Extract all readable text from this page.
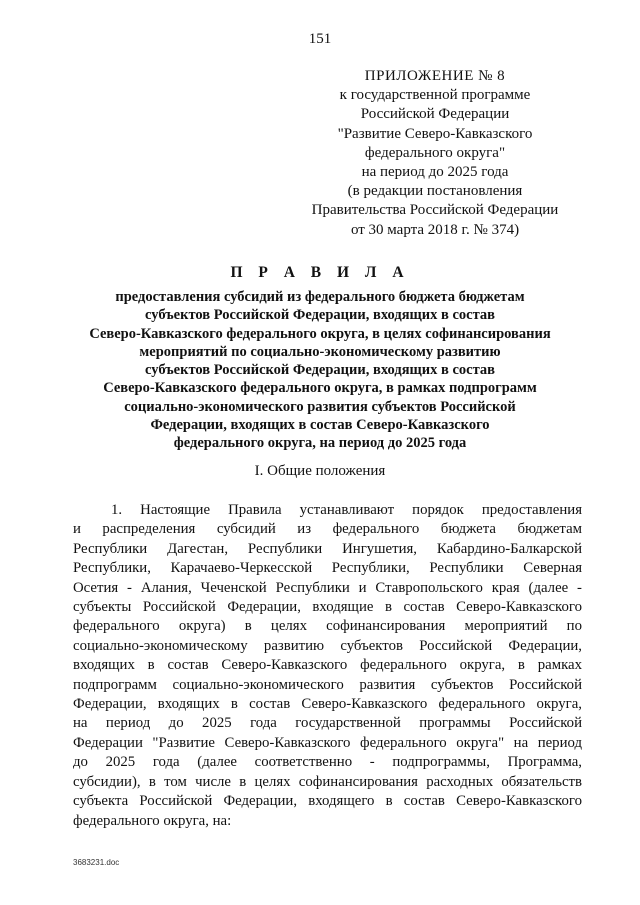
151
ПРИЛОЖЕНИЕ № 8
к государственной программе
Российской Федерации
"Развитие Северо-Кавказского
федерального округа"
на период до 2025 года
(в редакции постановления
Правительства Российской Федерации
от 30 марта 2018 г. № 374)
П Р А В И Л А
предоставления субсидий из федерального бюджета бюджетам
субъектов Российской Федерации, входящих в состав
Северо-Кавказского федерального округа, в целях софинансирования
мероприятий по социально-экономическому развитию
субъектов Российской Федерации, входящих в состав
Северо-Кавказского федерального округа, в рамках подпрограмм
социально-экономического развития субъектов Российской
Федерации, входящих в состав Северо-Кавказского
федерального округа, на период до 2025 года
I. Общие положения
1. Настоящие Правила устанавливают порядок предоставления
и распределения субсидий из федерального бюджета бюджетам
Республики Дагестан, Республики Ингушетия, Кабардино-Балкарской
Республики, Карачаево-Черкесской Республики, Республики Северная
Осетия - Алания, Чеченской Республики и Ставропольского края (далее -
субъекты Российской Федерации, входящие в состав Северо-Кавказского
федерального округа) в целях софинансирования мероприятий по
социально-экономическому развитию субъектов Российской Федерации,
входящих в состав Северо-Кавказского федерального округа, в рамках
подпрограмм социально-экономического развития субъектов Российской
Федерации, входящих в состав Северо-Кавказского федерального округа,
на период до 2025 года государственной программы Российской
Федерации "Развитие Северо-Кавказского федерального округа" на период
до 2025 года (далее соответственно - подпрограммы, Программа,
субсидии), в том числе в целях софинансирования расходных обязательств
субъекта Российской Федерации, входящего в состав Северо-Кавказского
федерального округа, на:
3683231.doc
